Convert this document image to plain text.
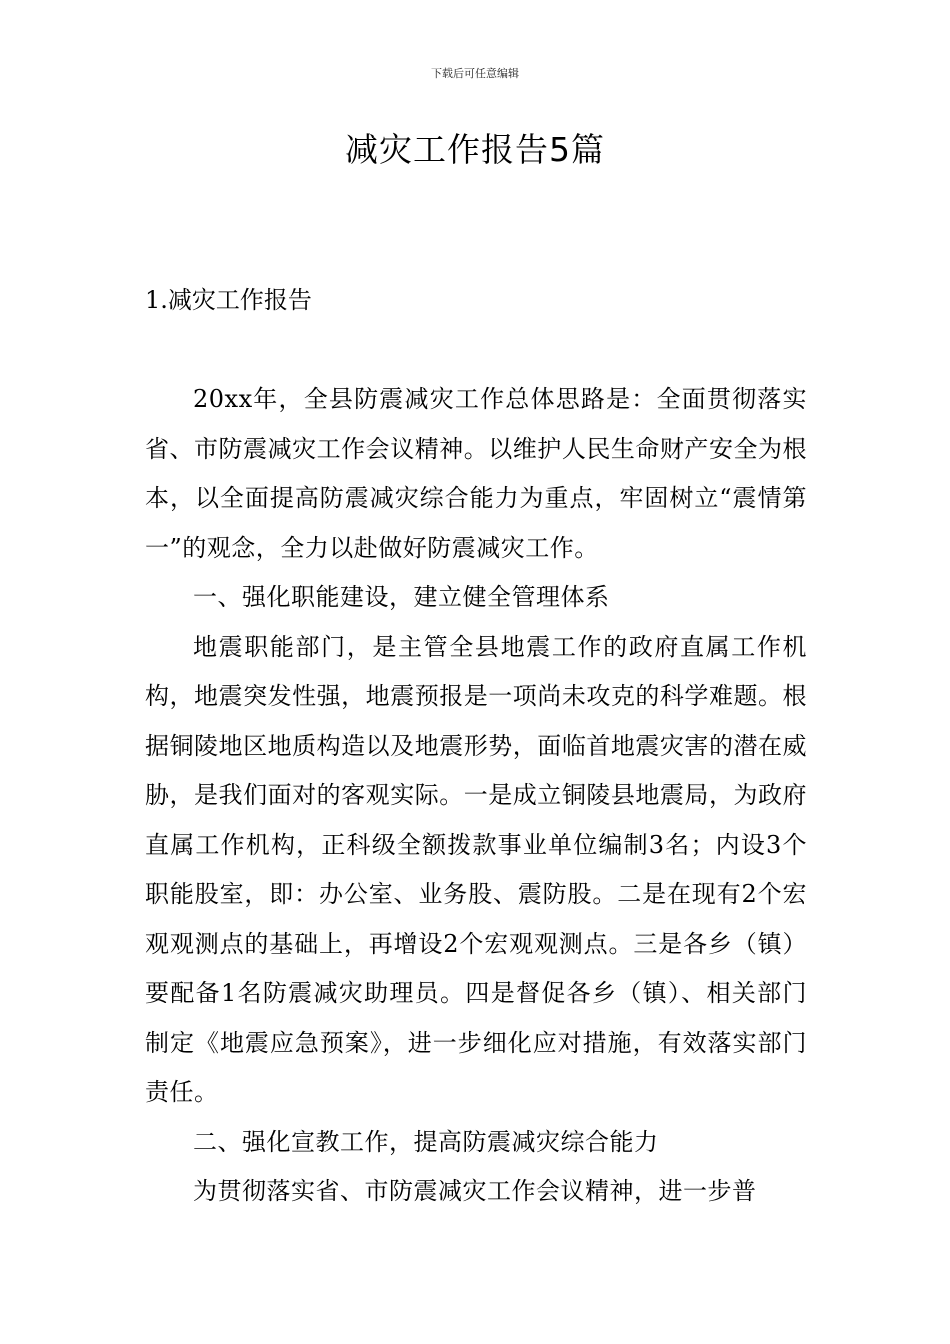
下载后可任意编辑
减灾工作报告5篇
1.减灾工作报告

20xx年，全县防震减灾工作总体思路是：全面贯彻落实省、市防震减灾工作会议精神。以维护人民生命财产安全为根本，以全面提高防震减灾综合能力为重点，牢固树立“震情第一”的观念，全力以赴做好防震减灾工作。

一、强化职能建设，建立健全管理体系

地震职能部门，是主管全县地震工作的政府直属工作机构，地震突发性强，地震预报是一项尚未攻克的科学难题。根据铜陵地区地质构造以及地震形势，面临首地震灾害的潜在威胁，是我们面对的客观实际。一是成立铜陵县地震局，为政府直属工作机构，正科级全额拨款事业单位编制3名；内设3个职能股室，即：办公室、业务股、震防股。二是在现有2个宏观观测点的基础上，再增设2个宏观观测点。三是各乡（镇）要配备1名防震减灾助理员。四是督促各乡（镇）、相关部门制定《地震应急预案》，进一步细化应对措施，有效落实部门责任。

二、强化宣教工作，提高防震减灾综合能力

为贯彻落实省、市防震减灾工作会议精神，进一步普
